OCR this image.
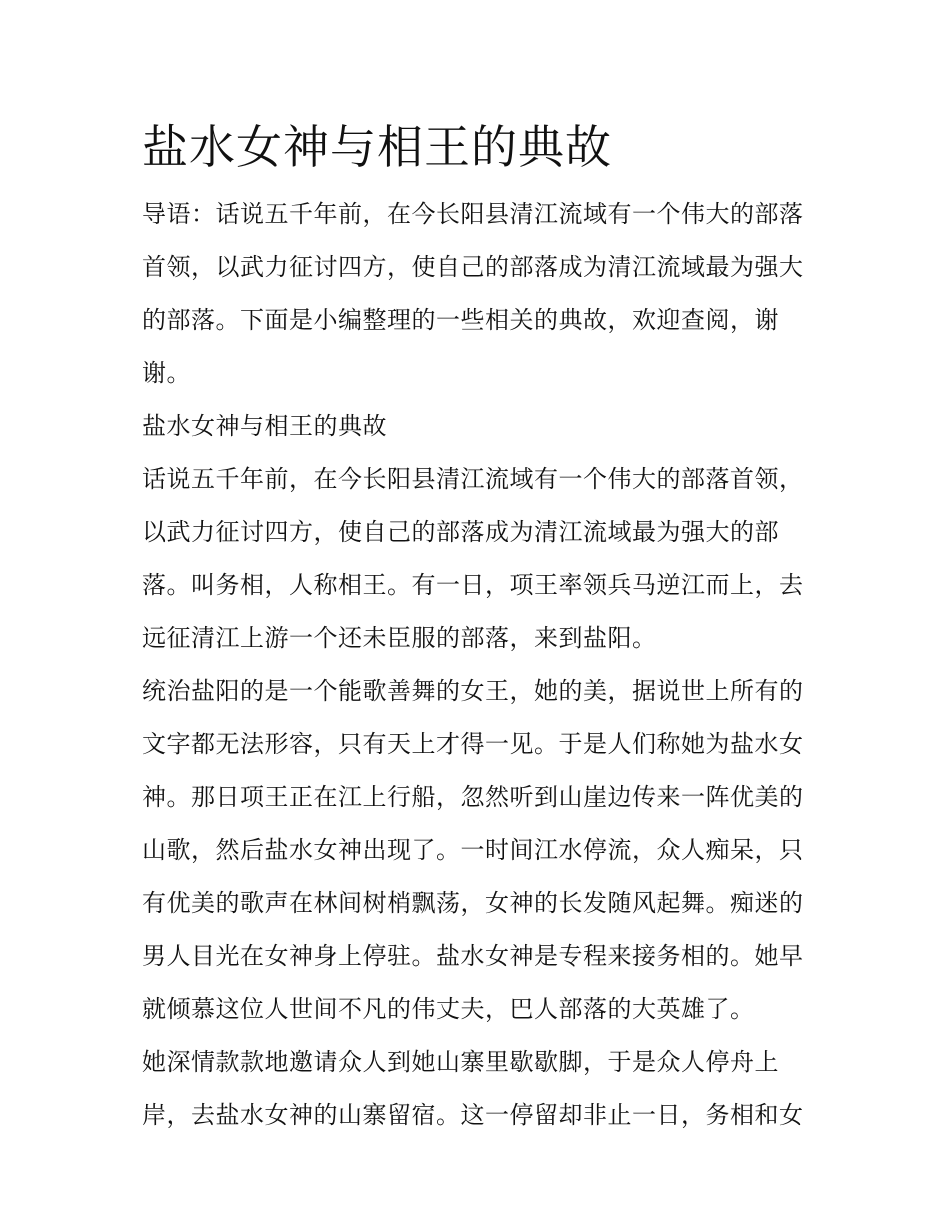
盐水女神与相王的典故

导语：话说五千年前，在今长阳县清江流域有一个伟大的部落首领，以武力征讨四方，使自己的部落成为清江流域最为强大的部落。下面是小编整理的一些相关的典故，欢迎查阅，谢谢。

盐水女神与相王的典故

话说五千年前，在今长阳县清江流域有一个伟大的部落首领，以武力征讨四方，使自己的部落成为清江流域最为强大的部落。叫务相，人称相王。有一日，项王率领兵马逆江而上，去远征清江上游一个还未臣服的部落，来到盐阳。

统治盐阳的是一个能歌善舞的女王，她的美，据说世上所有的文字都无法形容，只有天上才得一见。于是人们称她为盐水女神。那日项王正在江上行船，忽然听到山崖边传来一阵优美的山歌，然后盐水女神出现了。一时间江水停流，众人痴呆，只有优美的歌声在林间树梢飘荡，女神的长发随风起舞。痴迷的男人目光在女神身上停驻。盐水女神是专程来接务相的。她早就倾慕这位人世间不凡的伟丈夫，巴人部落的大英雄了。

她深情款款地邀请众人到她山寨里歇歇脚，于是众人停舟上岸，去盐水女神的山寨留宿。这一停留却非止一日，务相和女
